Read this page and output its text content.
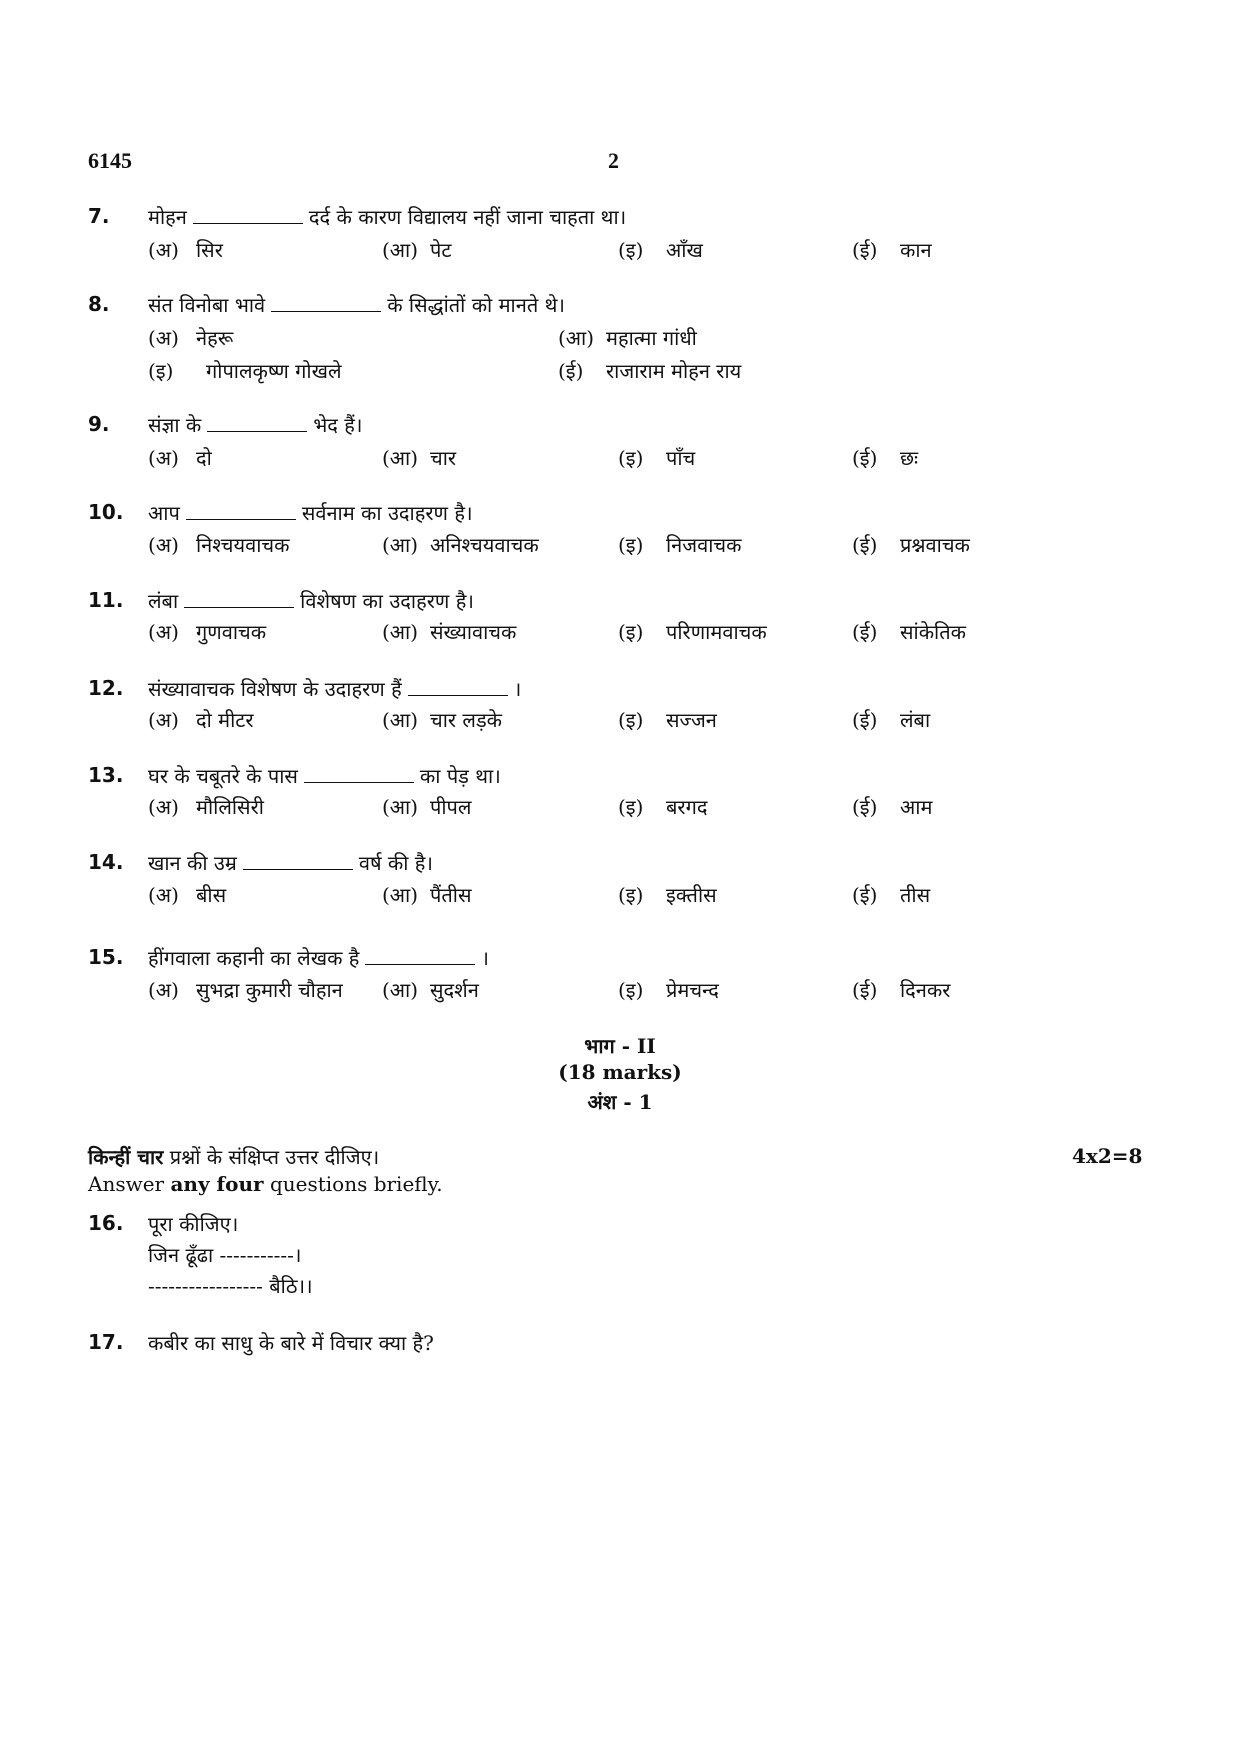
6145	2
7.	मोहन	दर्द के कारण विद्यालय नहीं जाना चाहता था।
(अ) सिर	(आ) पेट	(इ) आँख	(ई) कान
8.	संत विनोबा भावे	के सिद्धांतों को मानते थे।
(अ) नेहरू	(आ) महात्मा गांधी
(इ) गोपालकृष्ण गोखले	(ई) राजाराम मोहन राय
9.	संज्ञा के	भेद हैं।
(अ) दो	(आ) चार	(इ) पाँच	(ई) छः
10.	आप	सर्वनाम का उदाहरण है।
(अ) निश्चयवाचक	(आ) अनिश्चयवाचक	(इ) निजवाचक	(ई) प्रश्नवाचक
11.	लंबा	विशेषण का उदाहरण है।
(अ) गुणवाचक	(आ) संख्यावाचक	(इ) परिणामवाचक	(ई) सांकेतिक
12.	संख्यावाचक विशेषण के उदाहरण हैं	।
(अ) दो मीटर	(आ) चार लड़के	(इ) सज्जन	(ई) लंबा
13.	घर के चबूतरे के पास	का पेड़ था।
(अ) मौलिसिरी	(आ) पीपल	(इ) बरगद	(ई) आम
14.	खान की उम्र	वर्ष की है।
(अ) बीस	(आ) पैंतीस	(इ) इक्तीस	(ई) तीस
15.	हींगवाला कहानी का लेखक है	।
(अ) सुभद्रा कुमारी चौहान (आ) सुदर्शन	(इ) प्रेमचन्द	(ई) दिनकर
भाग - II
(18 marks)
अंश - 1
किन्हीं चार प्रश्नों के संक्षिप्त उत्तर दीजिए।	4x2=8
Answer any four questions briefly.
16.	पूरा कीजिए।
जिन ढूँढा -----------।
----------------- बैठि।।
17.	कबीर का साधु के बारे में विचार क्या है?
